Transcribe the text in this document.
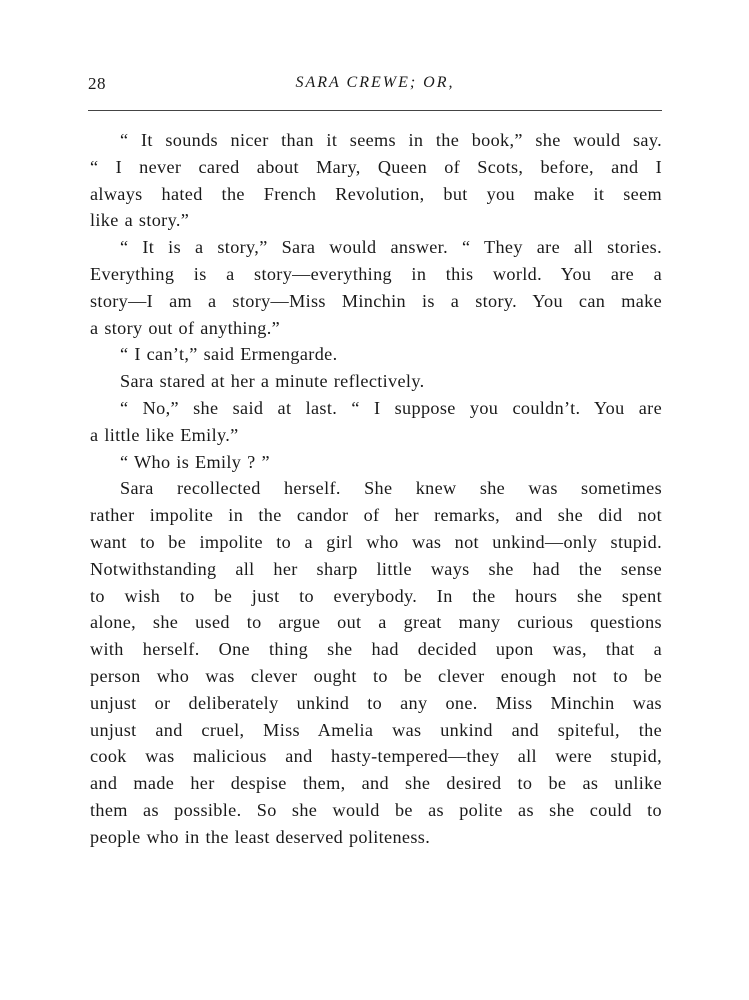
28	SARA CREWE; OR,
“ It sounds nicer than it seems in the book,” she would say.
“ I never cared about Mary, Queen of Scots, before, and I
always hated the French Revolution, but you make it seem
like a story.”
“ It is a story,” Sara would answer. “ They are all stories.
Everything is a story—everything in this world. You are a
story—I am a story—Miss Minchin is a story. You can make
a story out of anything.”
“ I can’t,” said Ermengarde.
Sara stared at her a minute reflectively.
“ No,” she said at last. “ I suppose you couldn’t. You are
a little like Emily.”
“ Who is Emily ? ”
Sara recollected herself. She knew she was sometimes
rather impolite in the candor of her remarks, and she did not
want to be impolite to a girl who was not unkind—only stupid.
Notwithstanding all her sharp little ways she had the sense
to wish to be just to everybody. In the hours she spent
alone, she used to argue out a great many curious questions
with herself. One thing she had decided upon was, that a
person who was clever ought to be clever enough not to be
unjust or deliberately unkind to any one. Miss Minchin was
unjust and cruel, Miss Amelia was unkind and spiteful, the
cook was malicious and hasty-tempered—they all were stupid,
and made her despise them, and she desired to be as unlike
them as possible. So she would be as polite as she could to
people who in the least deserved politeness.
